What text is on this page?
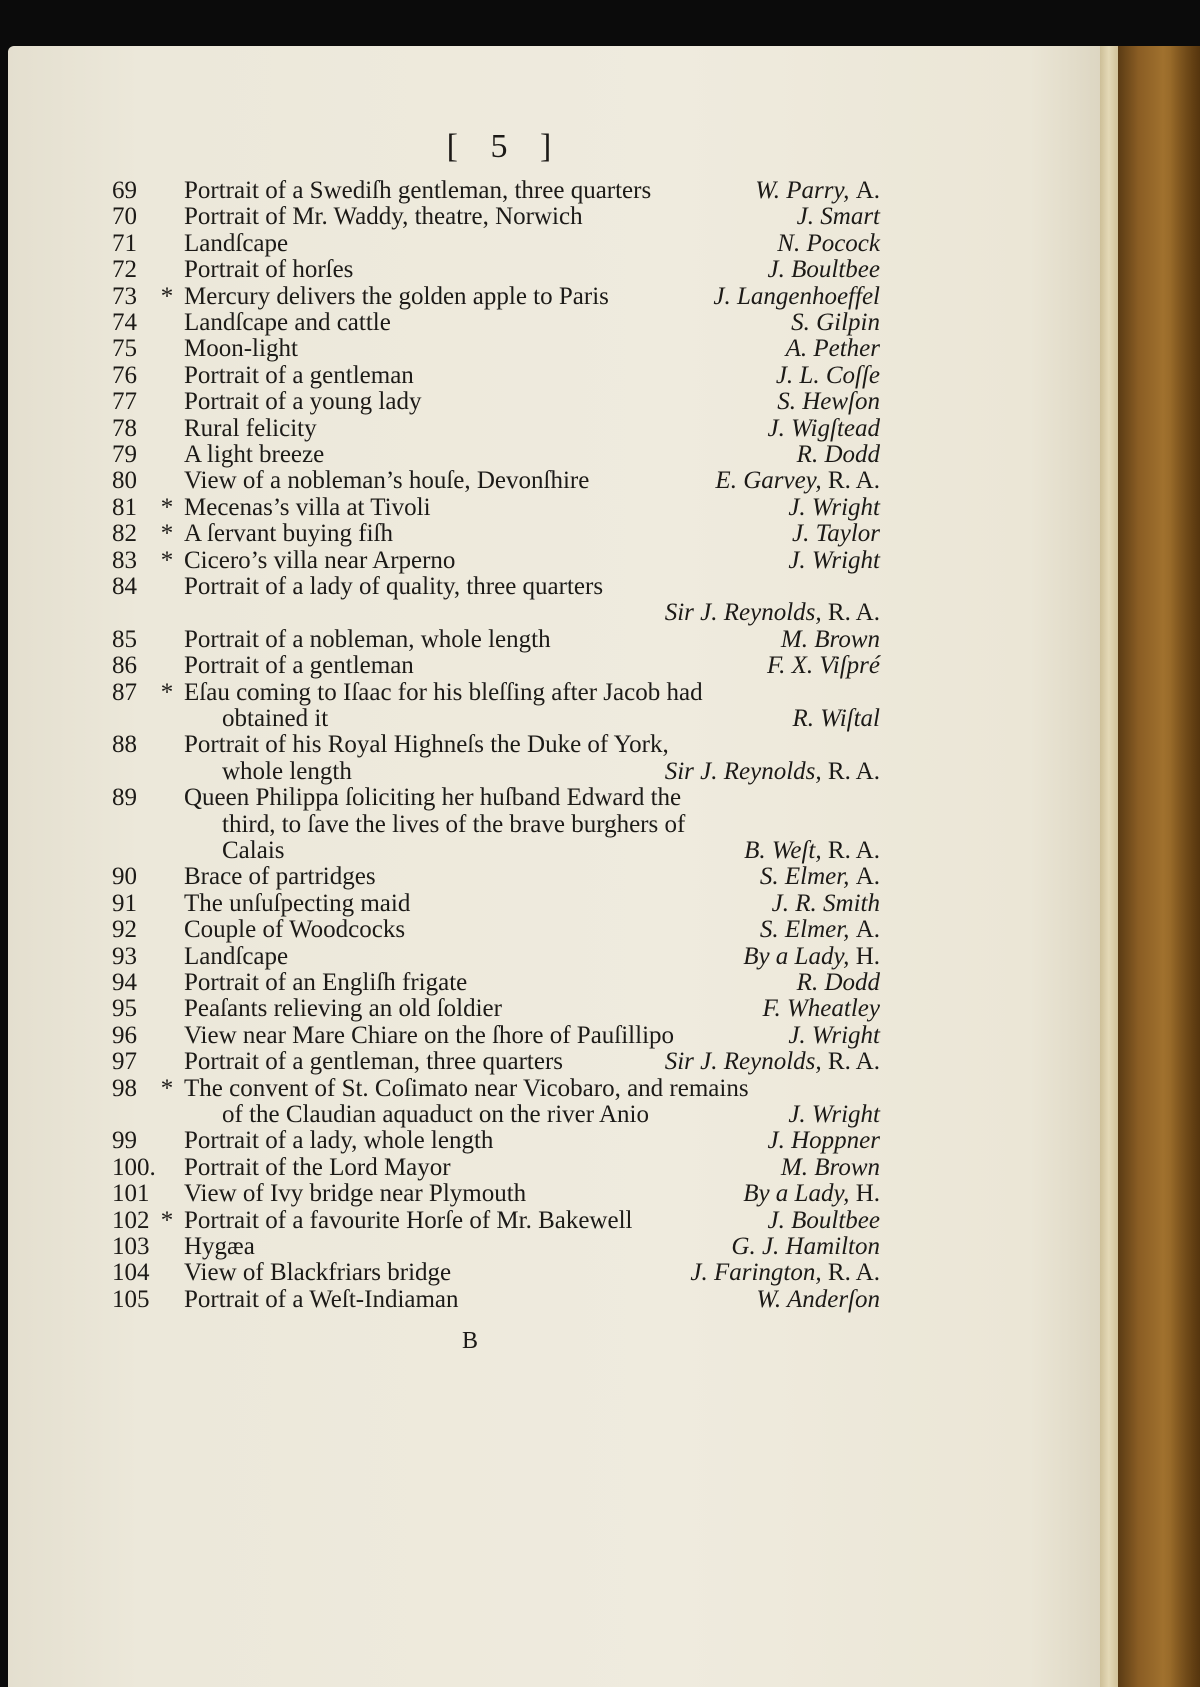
[ 5 ]
69	Portrait of a Swediſh gentleman, three quarters	W. Parry, A.
70	Portrait of Mr. Waddy, theatre, Norwich	J. Smart
71	Landſcape	N. Pocock
72	Portrait of horſes	J. Boultbee
73 * Mercury delivers the golden apple to Paris	J. Langenhoeffel
74	Landſcape and cattle	S. Gilpin
75	Moon-light	A. Pether
76	Portrait of a gentleman	J. L. Coſſe
77	Portrait of a young lady	S. Hewſon
78	Rural felicity	J. Wigſtead
79	A light breeze	R. Dodd
80	View of a nobleman’s houſe, Devonſhire	E. Garvey, R. A.
81 * Mecenas’s villa at Tivoli	J. Wright
82 * A ſervant buying fiſh	J. Taylor
83 * Cicero’s villa near Arperno	J. Wright
84	Portrait of a lady of quality, three quarters
Sir J. Reynolds, R. A.
85	Portrait of a nobleman, whole length	M. Brown
86	Portrait of a gentleman	F. X. Viſpré
87 * Eſau coming to Iſaac for his bleſſing after Jacob had
obtained it	R. Wiſtal
88	Portrait of his Royal Highneſs the Duke of York,
whole length	Sir J. Reynolds, R. A.
89	Queen Philippa ſoliciting her huſband Edward the
third, to ſave the lives of the brave burghers of
Calais	B. Weſt, R. A.
90	Brace of partridges	S. Elmer, A.
91	The unſuſpecting maid	J. R. Smith
92	Couple of Woodcocks	S. Elmer, A.
93	Landſcape	By a Lady, H.
94	Portrait of an Engliſh frigate	R. Dodd
95	Peaſants relieving an old ſoldier	F. Wheatley
96	View near Mare Chiare on the ſhore of Pauſillipo	J. Wright
97	Portrait of a gentleman, three quarters	Sir J. Reynolds, R. A.
98 * The convent of St. Coſimato near Vicobaro, and remains
of the Claudian aquaduct on the river Anio	J. Wright
99	Portrait of a lady, whole length	J. Hoppner
100. Portrait of the Lord Mayor	M. Brown
101	View of Ivy bridge near Plymouth	By a Lady, H.
102 * Portrait of a favourite Horſe of Mr. Bakewell	J. Boultbee
103	Hygæa	G. J. Hamilton
104	View of Blackfriars bridge	J. Farington, R. A.
105	Portrait of a Weſt-Indiaman	W. Anderſon
B
